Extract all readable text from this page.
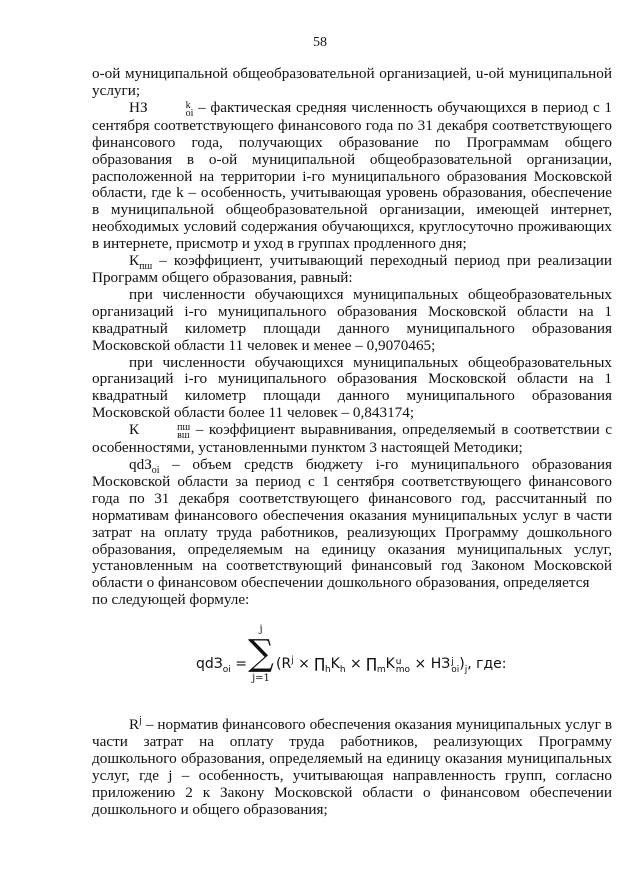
58

о-ой муниципальной общеобразовательной организацией, u-ой муниципальной услуги;

НЗ	k
oi – фактическая средняя численность обучающихся в период с 1 сентября соответствующего финансового года по 31 декабря соответствующего финансового года, получающих образование по Программам общего образования в о-ой муниципальной общеобразовательной организации, расположенной на территории i-го муниципального образования Московской области, где k – особенность, учитывающая уровень образования, обеспечение в муниципальной общеобразовательной организации, имеющей интернет, необходимых условий содержания обучающихся, круглосуточно проживающих в интернете, присмотр и уход в группах продленного дня;

$К_{пш}$ – коэффициент, учитывающий переходный период при реализации Программ общего образования, равный:

при численности обучающихся муниципальных общеобразовательных организаций i-го муниципального образования Московской области на 1 квадратный километр площади данного муниципального образования Московской области 11 человек и менее – 0,9070465;

при численности обучающихся муниципальных общеобразовательных организаций i-го муниципального образования Московской области на 1 квадратный километр площади данного муниципального образования Московской области более 11 человек – 0,843174;

К	пш
вш – коэффициент выравнивания, определяемый в соответствии с особенностями, установленными пунктом 3 настоящей Методики;

qdЗ$_{oi}$ – объем средств бюджету i-го муниципального образования Московской области за период с 1 сентября соответствующего финансового года по 31 декабря соответствующего финансового год, рассчитанный по нормативам финансового обеспечения оказания муниципальных услуг в части затрат на оплату труда работников, реализующих Программу дошкольного образования, определяемым на единицу оказания муниципальных услуг, установленным на соответствующий финансовый год Законом Московской области о финансовом обеспечении дошкольного образования, определяется

по следующей формуле:

qdЗ$_{oi}$ =
j
∑
j=1
($R^j$ × $\prod_hK_h$ × $\prod_mK$ u
mo × НЗ j
oi )$_j$, где:

$R^j$ – норматив финансового обеспечения оказания муниципальных услуг в части затрат на оплату труда работников, реализующих Программу дошкольного образования, определяемый на единицу оказания муниципальных услуг, где j – особенность, учитывающая направленность групп, согласно приложению 2 к Закону Московской области о финансовом обеспечении дошкольного и общего образования;
